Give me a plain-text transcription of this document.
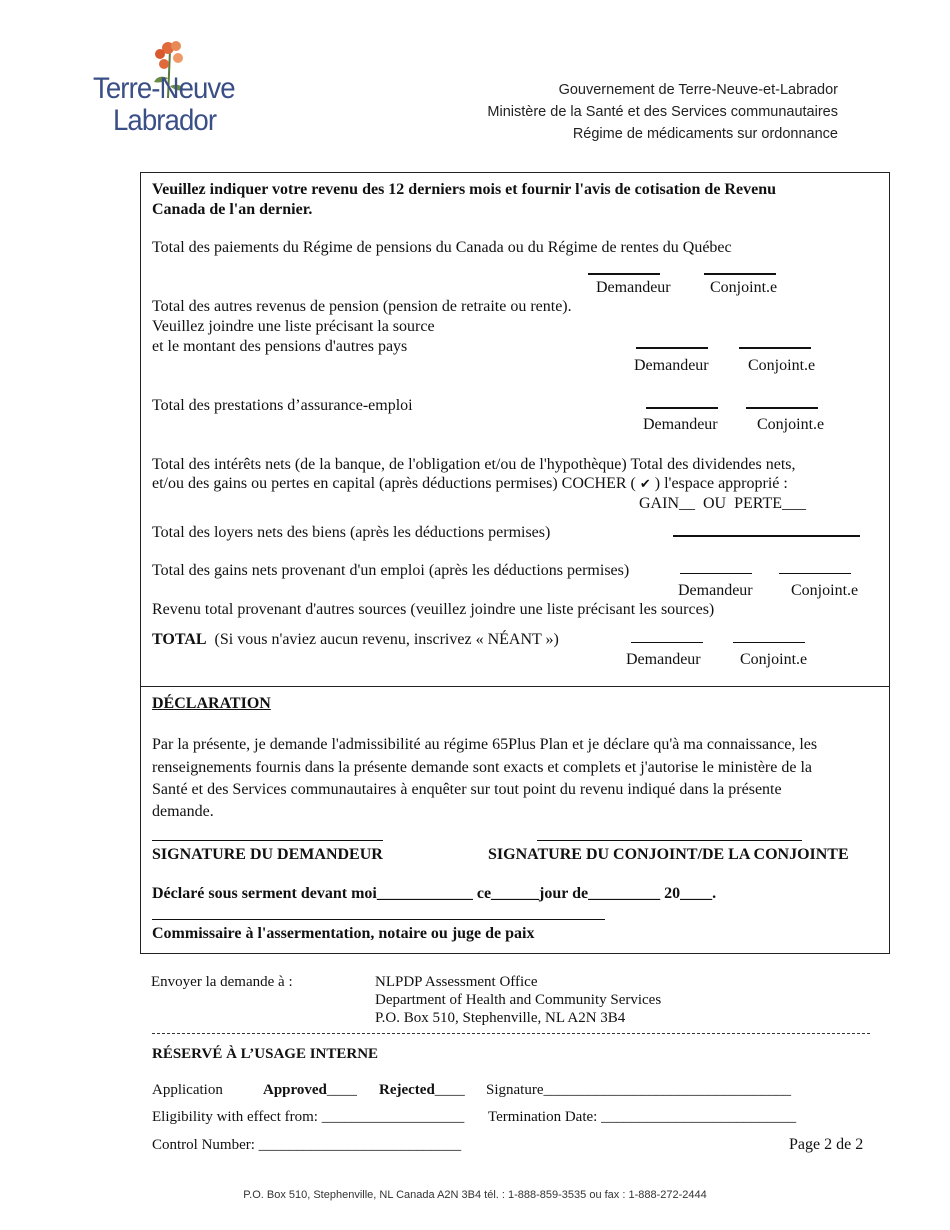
Terre-Neuve
Labrador
Gouvernement de Terre-Neuve-et-Labrador
Ministère de la Santé et des Services communautaires
Régime de médicaments sur ordonnance
Veuillez indiquer votre revenu des 12 derniers mois et fournir l'avis de cotisation de Revenu
Canada de l'an dernier.
Total des paiements du Régime de pensions du Canada ou du Régime de rentes du Québec
Demandeur Conjoint.e
Total des autres revenus de pension (pension de retraite ou rente).
Veuillez joindre une liste précisant la source
et le montant des pensions d'autres pays
Demandeur Conjoint.e
Total des prestations d’assurance-emploi
Demandeur Conjoint.e
Total des intérêts nets (de la banque, de l'obligation et/ou de l'hypothèque) Total des dividendes nets,
et/ou des gains ou pertes en capital (après déductions permises) COCHER ( ✔ ) l'espace approprié :
GAIN__  OU  PERTE___
Total des loyers nets des biens (après les déductions permises)
Total des gains nets provenant d'un emploi (après les déductions permises)
Demandeur Conjoint.e
Revenu total provenant d'autres sources (veuillez joindre une liste précisant les sources)
TOTAL (Si vous n'aviez aucun revenu, inscrivez « NÉANT »)
Demandeur Conjoint.e
DÉCLARATION
Par la présente, je demande l'admissibilité au régime 65Plus Plan et je déclare qu'à ma connaissance, les
renseignements fournis dans la présente demande sont exacts et complets et j'autorise le ministère de la
Santé et des Services communautaires à enquêter sur tout point du revenu indiqué dans la présente
demande.
SIGNATURE DU DEMANDEUR	SIGNATURE DU CONJOINT/DE LA CONJOINTE
Déclaré sous serment devant moi____________ ce______jour de_________ 20____.
Commissaire à l'assermentation, notaire ou juge de paix
Envoyer la demande à :	NLPDP Assessment Office
Department of Health and Community Services
P.O. Box 510, Stephenville, NL A2N 3B4
RÉSERVÉ À L’USAGE INTERNE
Application	Approved____ Rejected____ Signature_________________________________
Eligibility with effect from: ___________________ Termination Date: __________________________
Control Number: ___________________________	Page 2 de 2
P.O. Box 510, Stephenville, NL Canada A2N 3B4 tél. : 1-888-859-3535 ou fax : 1-888-272-2444
